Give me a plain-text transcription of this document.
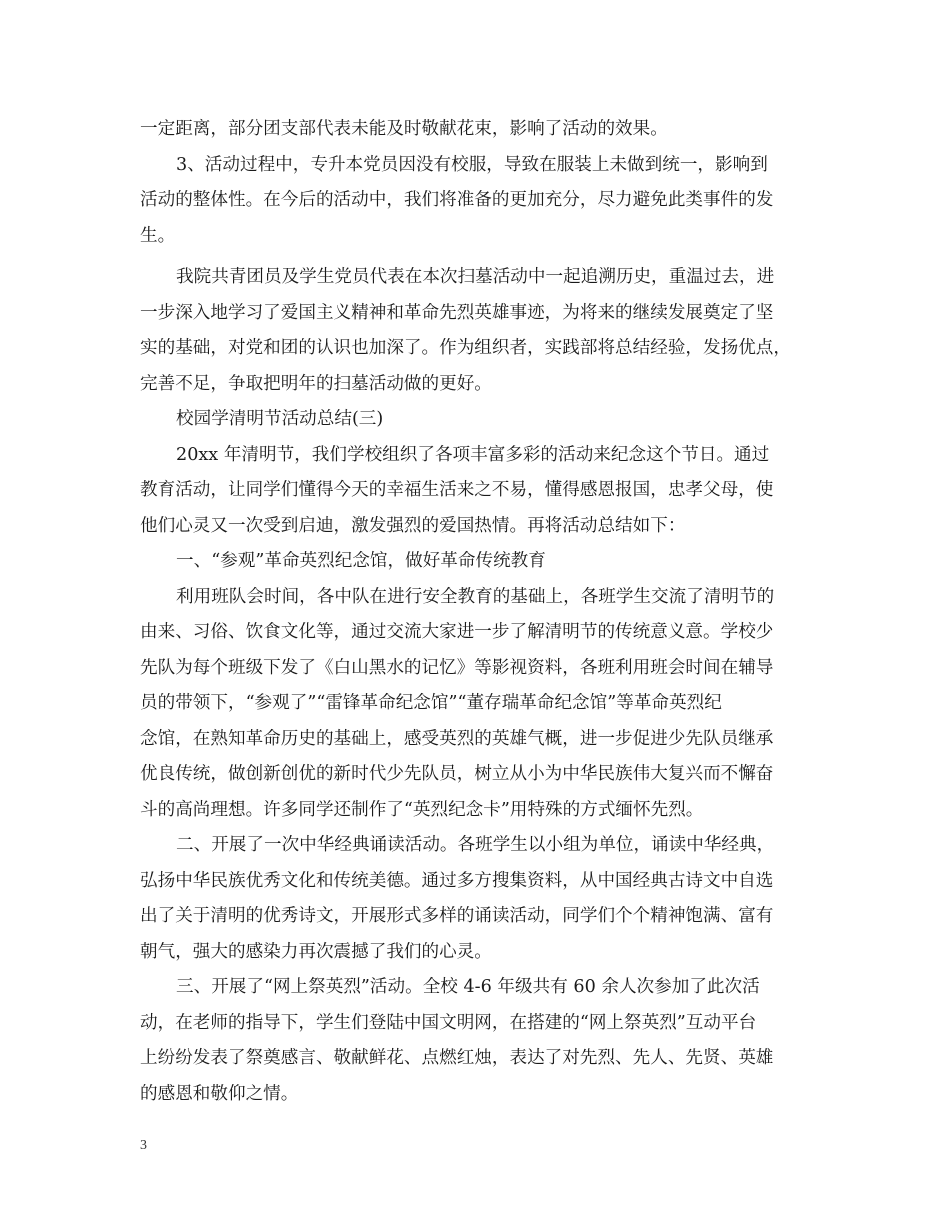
一定距离，部分团支部代表未能及时敬献花束，影响了活动的效果。
3、活动过程中，专升本党员因没有校服，导致在服装上未做到统一，影响到
活动的整体性。在今后的活动中，我们将准备的更加充分，尽力避免此类事件的发
生。
我院共青团员及学生党员代表在本次扫墓活动中一起追溯历史，重温过去，进
一步深入地学习了爱国主义精神和革命先烈英雄事迹，为将来的继续发展奠定了坚
实的基础，对党和团的认识也加深了。作为组织者，实践部将总结经验，发扬优点，
完善不足，争取把明年的扫墓活动做的更好。
校园学清明节活动总结(三)
20xx 年清明节，我们学校组织了各项丰富多彩的活动来纪念这个节日。通过
教育活动，让同学们懂得今天的幸福生活来之不易，懂得感恩报国，忠孝父母，使
他们心灵又一次受到启迪，激发强烈的爱国热情。再将活动总结如下：
一、“参观”革命英烈纪念馆，做好革命传统教育
利用班队会时间，各中队在进行安全教育的基础上，各班学生交流了清明节的
由来、习俗、饮食文化等，通过交流大家进一步了解清明节的传统意义意。学校少
先队为每个班级下发了《白山黑水的记忆》等影视资料，各班利用班会时间在辅导
员的带领下，“参观了”“雷锋革命纪念馆”“董存瑞革命纪念馆”等革命英烈纪
念馆，在熟知革命历史的基础上，感受英烈的英雄气概，进一步促进少先队员继承
优良传统，做创新创优的新时代少先队员，树立从小为中华民族伟大复兴而不懈奋
斗的高尚理想。许多同学还制作了“英烈纪念卡”用特殊的方式缅怀先烈。
二、开展了一次中华经典诵读活动。各班学生以小组为单位，诵读中华经典，
弘扬中华民族优秀文化和传统美德。通过多方搜集资料，从中国经典古诗文中自选
出了关于清明的优秀诗文，开展形式多样的诵读活动，同学们个个精神饱满、富有
朝气，强大的感染力再次震撼了我们的心灵。
三、开展了“网上祭英烈”活动。全校 4-6 年级共有 60 余人次参加了此次活
动，在老师的指导下，学生们登陆中国文明网，在搭建的“网上祭英烈”互动平台
上纷纷发表了祭奠感言、敬献鲜花、点燃红烛，表达了对先烈、先人、先贤、英雄
的感恩和敬仰之情。
3
